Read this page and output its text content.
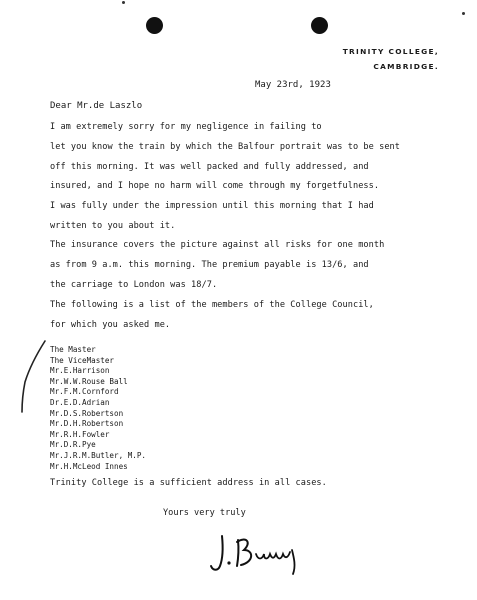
TRINITY COLLEGE,
CAMBRIDGE.
May 23rd, 1923
Dear Mr.de Laszlo
I am extremely sorry for my negligence in failing to
let you know the train by which the Balfour portrait was to be sent
off this morning. It was well packed and fully addressed, and
insured, and I hope no harm will come through my forgetfulness.
I was fully under the impression until this morning that I had
written to you about it.
The insurance covers the picture against all risks for one month
as from 9 a.m. this morning. The premium payable is 13/6, and
the carriage to London was 18/7.
The following is a list of the members of the College Council,
for which you asked me.
The Master
The ViceMaster
Mr.E.Harrison
Mr.W.W.Rouse Ball
Mr.F.M.Cornford
Dr.E.D.Adrian
Mr.D.S.Robertson
Mr.D.H.Robertson
Mr.R.H.Fowler
Mr.D.R.Pye
Mr.J.R.M.Butler, M.P.
Mr.H.McLeod Innes
Trinity College is a sufficient address in all cases.
Yours very truly
